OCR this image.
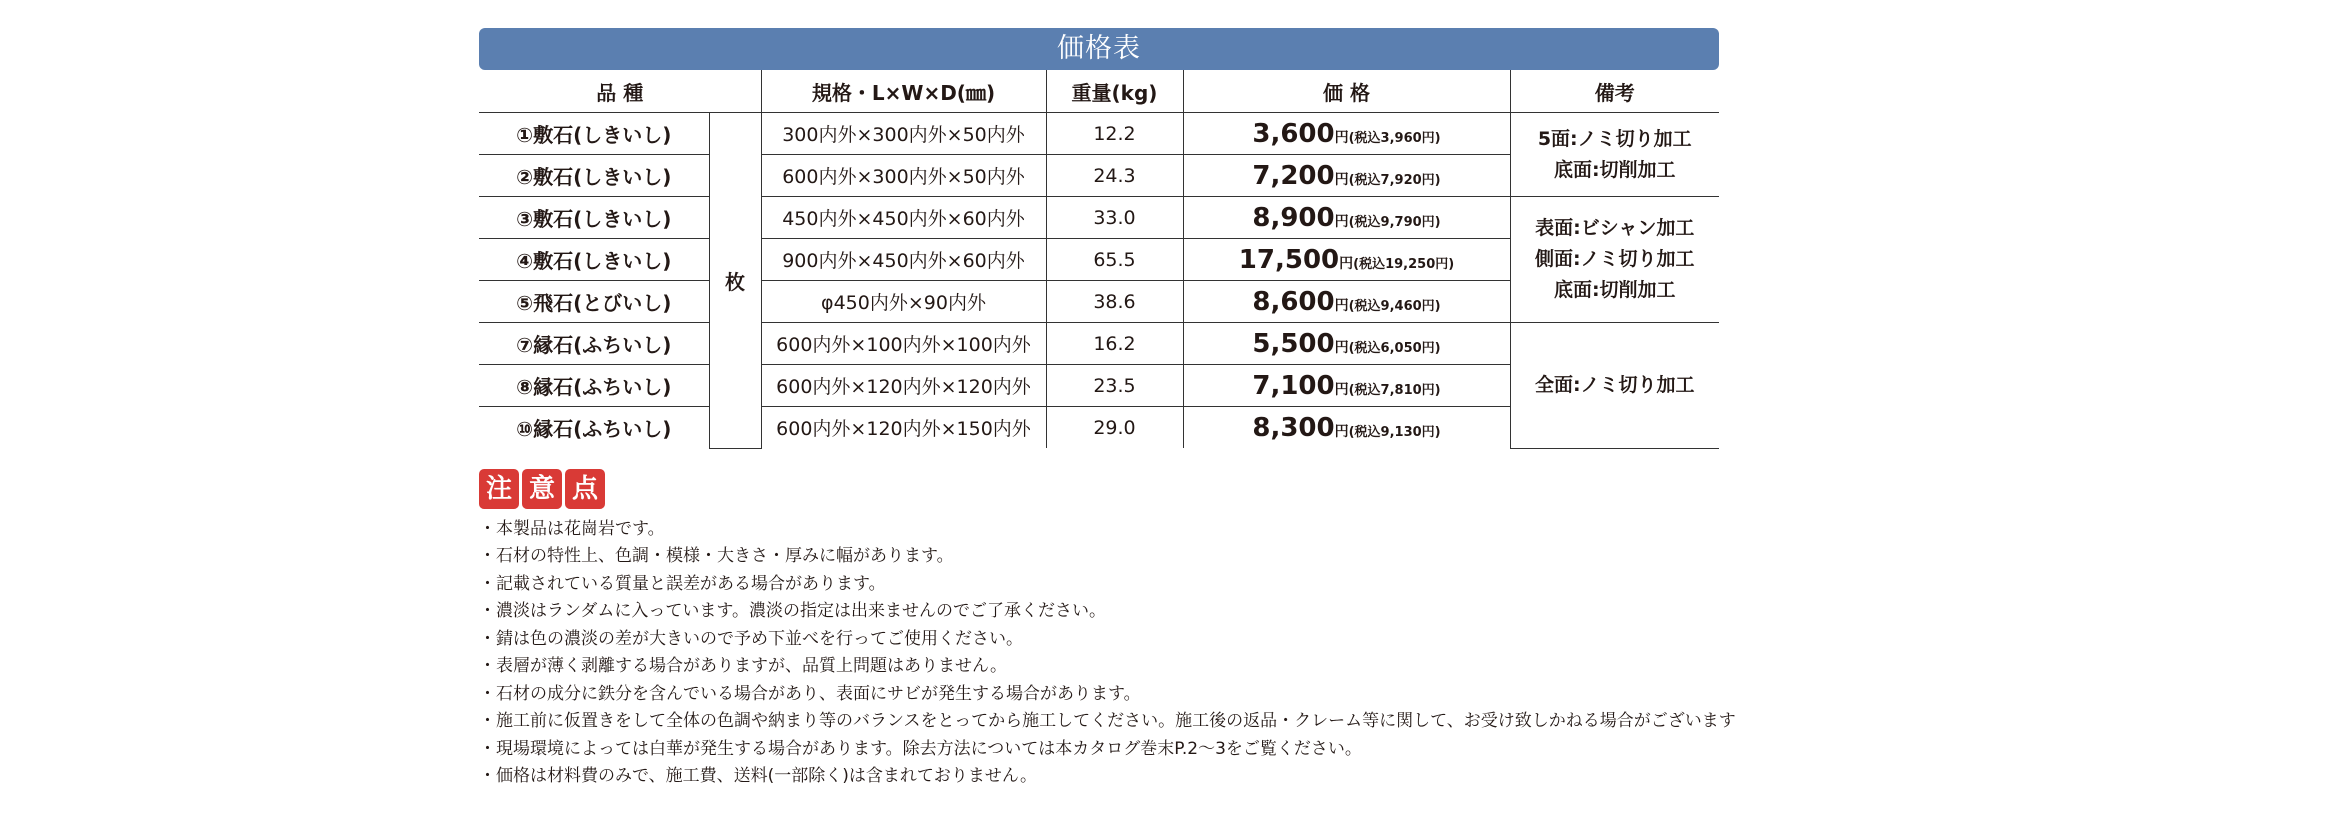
価格表
品 種		規格・L×W×D(㎜)	重量(kg)	価 格	備考
①敷石(しきいし)	枚	300内外×300内外×50内外	12.2	3,600円(税込3,960円)	5面:ノミ切り加工
底面:切削加工

②敷石(しきいし)		600内外×300内外×50内外	24.3	7,200円(税込7,920円)	
③敷石(しきいし)		450内外×450内外×60内外	33.0	8,900円(税込9,790円)	表面:ビシャン加工
側面:ノミ切り加工
底面:切削加工

④敷石(しきいし)		900内外×450内外×60内外	65.5	17,500円(税込19,250円)	
⑤飛石(とびいし)		φ450内外×90内外	38.6	8,600円(税込9,460円)	
⑦縁石(ふちいし)		600内外×100内外×100内外	16.2	5,500円(税込6,050円)	全面:ノミ切り加工

⑧縁石(ふちいし)		600内外×120内外×120内外	23.5	7,100円(税込7,810円)	
⑩縁石(ふちいし)		600内外×120内外×150内外	29.0	8,300円(税込9,130円)	
注 意 点
・本製品は花崗岩です。
・石材の特性上、色調・模様・大きさ・厚みに幅があります。
・記載されている質量と誤差がある場合があります。
・濃淡はランダムに入っています。濃淡の指定は出来ませんのでご了承ください。
・錆は色の濃淡の差が大きいので予め下並べを行ってご使用ください。
・表層が薄く剥離する場合がありますが、品質上問題はありません。
・石材の成分に鉄分を含んでいる場合があり、表面にサビが発生する場合があります。
・施工前に仮置きをして全体の色調や納まり等のバランスをとってから施工してください。施工後の返品・クレーム等に関して、お受け致しかねる場合がございます
・現場環境によっては白華が発生する場合があります。除去方法については本カタログ巻末P.2〜3をご覧ください。
・価格は材料費のみで、施工費、送料(一部除く)は含まれておりません。
